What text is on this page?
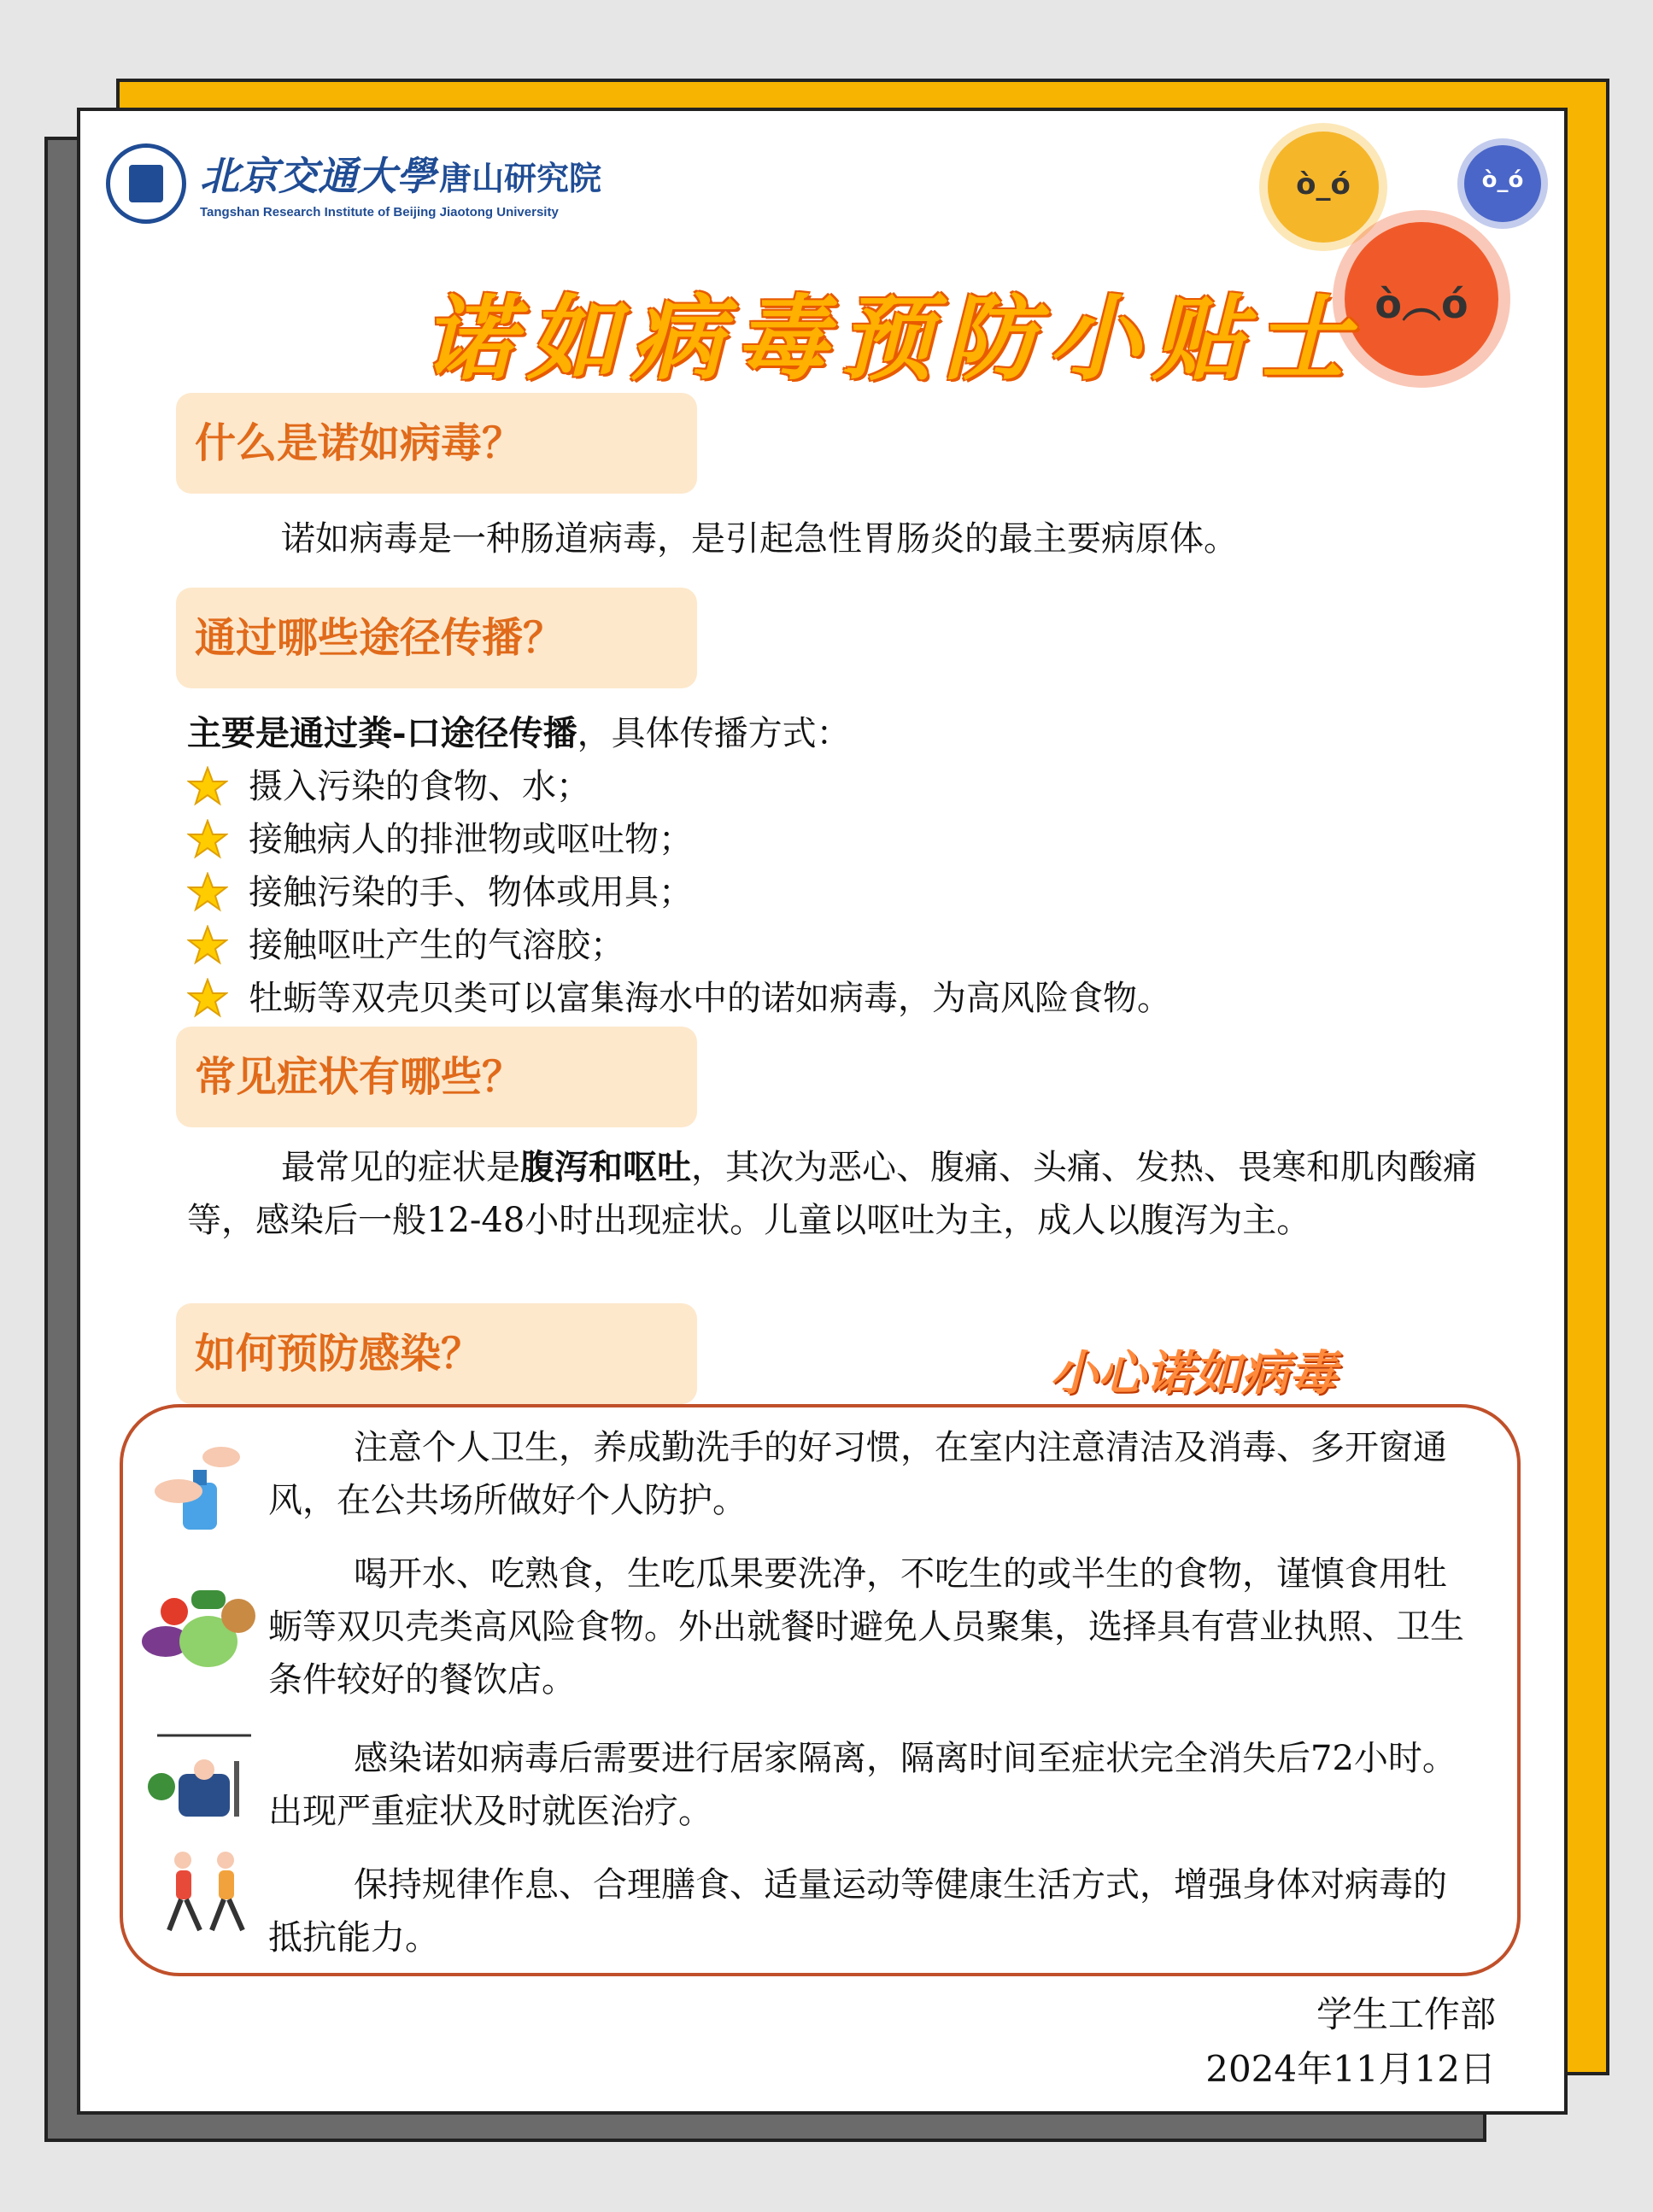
北京交通大學 唐山研究院
Tangshan Research Institute of Beijing Jiaotong University
ò_ó	ò_ó
ò︵ó
诺如病毒预防小贴士
什么是诺如病毒？
诺如病毒是一种肠道病毒，是引起急性胃肠炎的最主要病原体。
通过哪些途径传播？
主要是通过粪-口途径传播，具体传播方式：
摄入污染的食物、水；
接触病人的排泄物或呕吐物；
接触污染的手、物体或用具；
接触呕吐产生的气溶胶；
牡蛎等双壳贝类可以富集海水中的诺如病毒，为高风险食物。
常见症状有哪些？
最常见的症状是腹泻和呕吐，其次为恶心、腹痛、头痛、发热、畏寒和肌肉酸痛等，感染后一般12-48小时出现症状。儿童以呕吐为主，成人以腹泻为主。
如何预防感染？	小心诺如病毒
注意个人卫生，养成勤洗手的好习惯，在室内注意清洁及消毒、多开窗通风，在公共场所做好个人防护。
喝开水、吃熟食，生吃瓜果要洗净，不吃生的或半生的食物，谨慎食用牡蛎等双贝壳类高风险食物。外出就餐时避免人员聚集，选择具有营业执照、卫生条件较好的餐饮店。
感染诺如病毒后需要进行居家隔离，隔离时间至症状完全消失后72小时。出现严重症状及时就医治疗。
保持规律作息、合理膳食、适量运动等健康生活方式，增强身体对病毒的抵抗能力。
学生工作部
2024年11月12日
